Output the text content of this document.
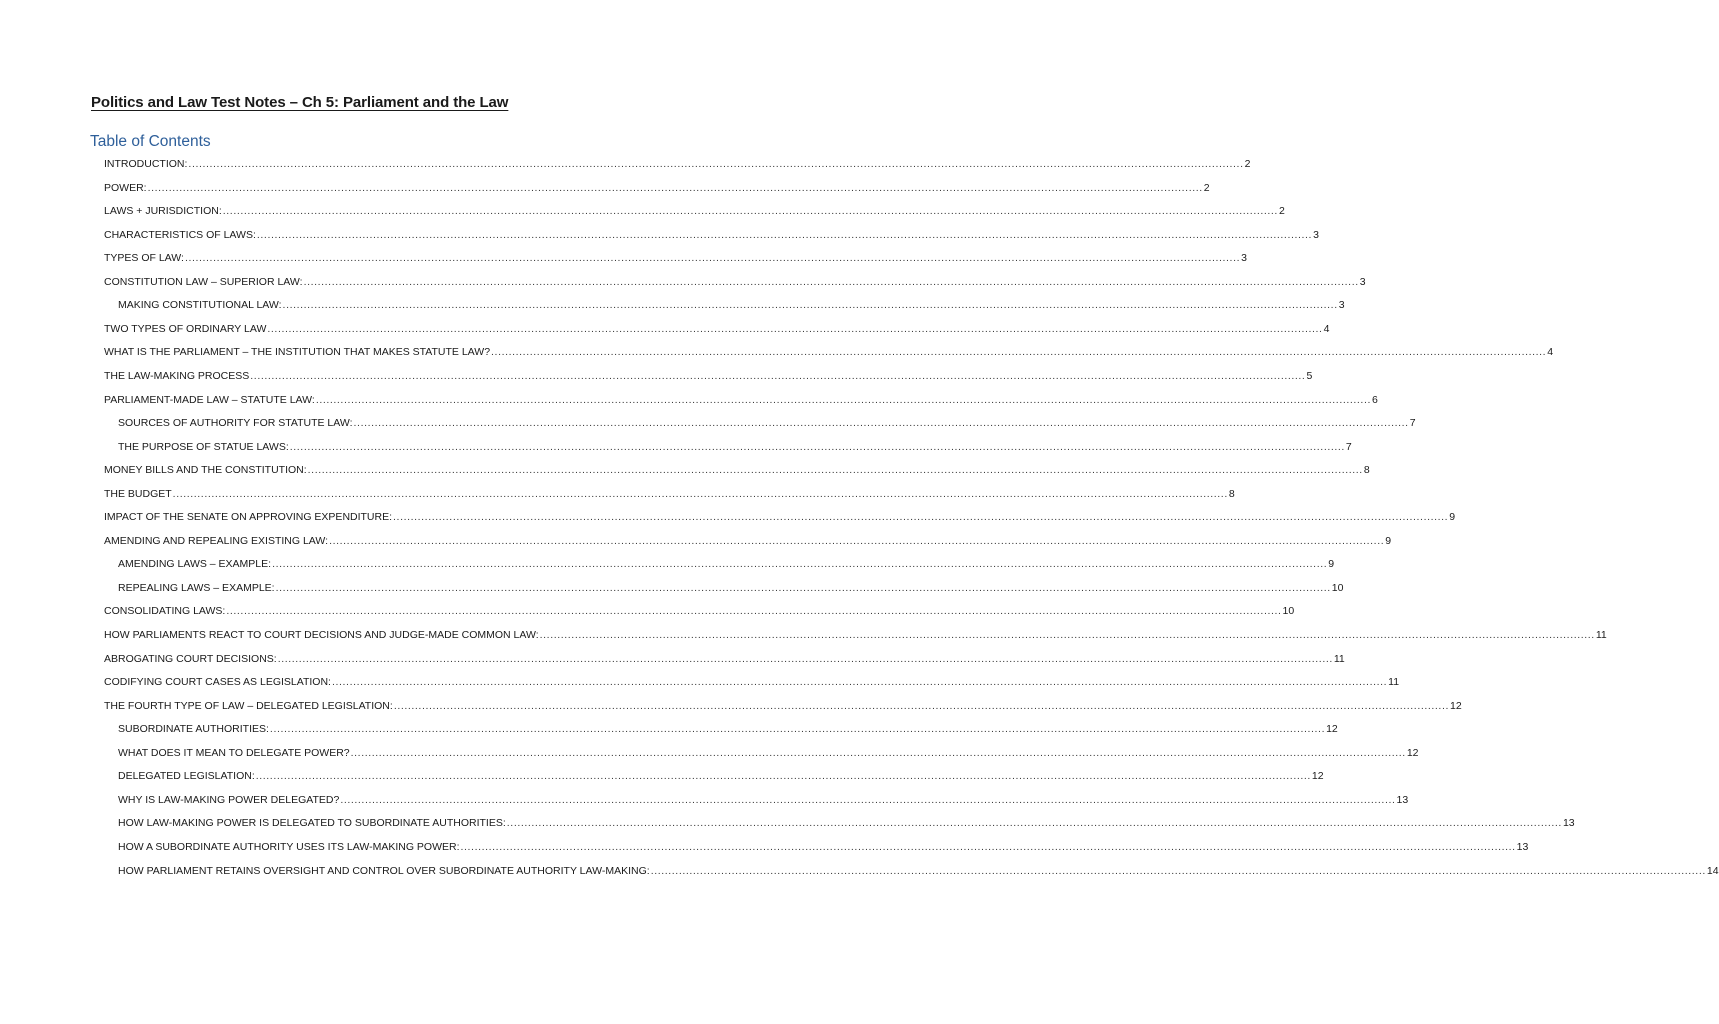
Politics and Law Test Notes – Ch 5: Parliament and the Law
Table of Contents
INTRODUCTION: ............................................................................................................................................................................................................................................................................................................ 2
POWER: ............................................................................................................................................................................................................................................................................................................ 2
LAWS + JURISDICTION: ............................................................................................................................................................................................................................................................................................................ 2
CHARACTERISTICS OF LAWS: ............................................................................................................................................................................................................................................................................................................ 3
TYPES OF LAW: ............................................................................................................................................................................................................................................................................................................ 3
CONSTITUTION LAW – SUPERIOR LAW: ............................................................................................................................................................................................................................................................................................................ 3
MAKING CONSTITUTIONAL LAW: ............................................................................................................................................................................................................................................................................................................ 3
TWO TYPES OF ORDINARY LAW ............................................................................................................................................................................................................................................................................................................ 4
WHAT IS THE PARLIAMENT – THE INSTITUTION THAT MAKES STATUTE LAW? ............................................................................................................................................................................................................................................................................................................ 4
THE LAW-MAKING PROCESS ............................................................................................................................................................................................................................................................................................................ 5
PARLIAMENT-MADE LAW – STATUTE LAW: ............................................................................................................................................................................................................................................................................................................ 6
SOURCES OF AUTHORITY FOR STATUTE LAW: ............................................................................................................................................................................................................................................................................................................ 7
THE PURPOSE OF STATUE LAWS: ............................................................................................................................................................................................................................................................................................................ 7
MONEY BILLS AND THE CONSTITUTION: ............................................................................................................................................................................................................................................................................................................ 8
THE BUDGET ............................................................................................................................................................................................................................................................................................................ 8
IMPACT OF THE SENATE ON APPROVING EXPENDITURE: ............................................................................................................................................................................................................................................................................................................ 9
AMENDING AND REPEALING EXISTING LAW: ............................................................................................................................................................................................................................................................................................................ 9
AMENDING LAWS – EXAMPLE: ............................................................................................................................................................................................................................................................................................................ 9
REPEALING LAWS – EXAMPLE: ............................................................................................................................................................................................................................................................................................................ 10
CONSOLIDATING LAWS: ............................................................................................................................................................................................................................................................................................................ 10
HOW PARLIAMENTS REACT TO COURT DECISIONS AND JUDGE-MADE COMMON LAW: ............................................................................................................................................................................................................................................................................................................ 11
ABROGATING COURT DECISIONS: ............................................................................................................................................................................................................................................................................................................ 11
CODIFYING COURT CASES AS LEGISLATION: ............................................................................................................................................................................................................................................................................................................ 11
THE FOURTH TYPE OF LAW – DELEGATED LEGISLATION: ............................................................................................................................................................................................................................................................................................................ 12
SUBORDINATE AUTHORITIES: ............................................................................................................................................................................................................................................................................................................ 12
WHAT DOES IT MEAN TO DELEGATE POWER? ............................................................................................................................................................................................................................................................................................................ 12
DELEGATED LEGISLATION: ............................................................................................................................................................................................................................................................................................................ 12
WHY IS LAW-MAKING POWER DELEGATED? ............................................................................................................................................................................................................................................................................................................ 13
HOW LAW-MAKING POWER IS DELEGATED TO SUBORDINATE AUTHORITIES: ............................................................................................................................................................................................................................................................................................................ 13
HOW A SUBORDINATE AUTHORITY USES ITS LAW-MAKING POWER: ............................................................................................................................................................................................................................................................................................................ 13
HOW PARLIAMENT RETAINS OVERSIGHT AND CONTROL OVER SUBORDINATE AUTHORITY LAW-MAKING: ............................................................................................................................................................................................................................................................................................................ 14
